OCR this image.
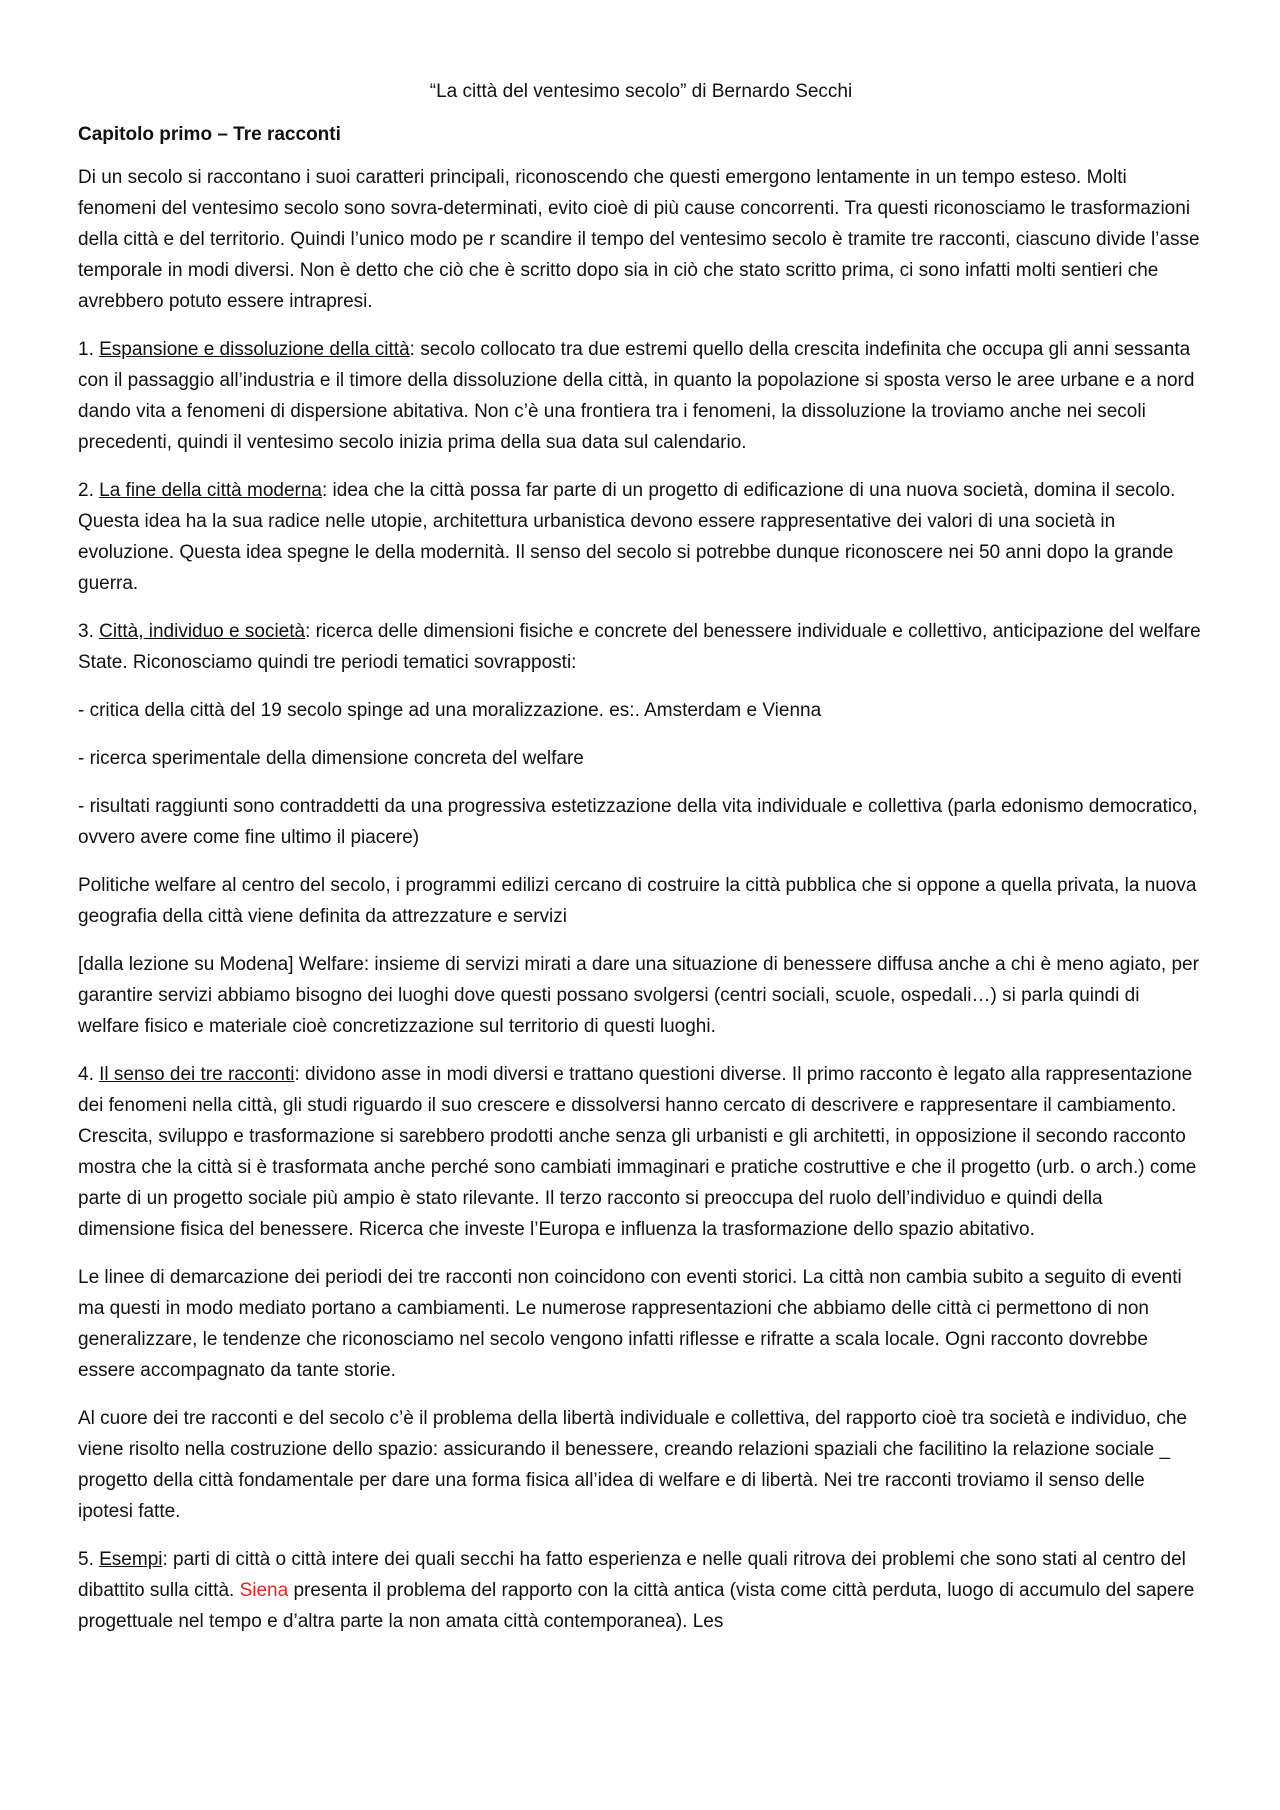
“La città del ventesimo secolo” di Bernardo Secchi
Capitolo primo – Tre racconti

Di un secolo si raccontano i suoi caratteri principali, riconoscendo che questi emergono lentamente in un tempo esteso. Molti fenomeni del ventesimo secolo sono sovra-determinati, evito cioè di più cause concorrenti. Tra questi riconosciamo le trasformazioni della città e del territorio. Quindi l’unico modo pe r scandire il tempo del ventesimo secolo è tramite tre racconti, ciascuno divide l’asse temporale in modi diversi. Non è detto che ciò che è scritto dopo sia in ciò che stato scritto prima, ci sono infatti molti sentieri che avrebbero potuto essere intrapresi.

1. Espansione e dissoluzione della città: secolo collocato tra due estremi quello della crescita indefinita che occupa gli anni sessanta con il passaggio all’industria e il timore della dissoluzione della città, in quanto la popolazione si sposta verso le aree urbane e a nord dando vita a fenomeni di dispersione abitativa. Non c’è una frontiera tra i fenomeni, la dissoluzione la troviamo anche nei secoli precedenti, quindi il ventesimo secolo inizia prima della sua data sul calendario.

2. La fine della città moderna: idea che la città possa far parte di un progetto di edificazione di una nuova società, domina il secolo. Questa idea ha la sua radice nelle utopie, architettura urbanistica devono essere rappresentative dei valori di una società in evoluzione. Questa idea spegne le della modernità. Il senso del secolo si potrebbe dunque riconoscere nei 50 anni dopo la grande guerra.

3. Città, individuo e società: ricerca delle dimensioni fisiche e concrete del benessere individuale e collettivo, anticipazione del welfare State. Riconosciamo quindi tre periodi tematici sovrapposti:

- critica della città del 19 secolo spinge ad una moralizzazione. es:. Amsterdam e Vienna

- ricerca sperimentale della dimensione concreta del welfare

- risultati raggiunti sono contraddetti da una progressiva estetizzazione della vita individuale e collettiva (parla edonismo democratico, ovvero avere come fine ultimo il piacere)

Politiche welfare al centro del secolo, i programmi edilizi cercano di costruire la città pubblica che si oppone a quella privata, la nuova geografia della città viene definita da attrezzature e servizi

[dalla lezione su Modena] Welfare: insieme di servizi mirati a dare una situazione di benessere diffusa anche a chi è meno agiato, per garantire servizi abbiamo bisogno dei luoghi dove questi possano svolgersi (centri sociali, scuole, ospedali…) si parla quindi di welfare fisico e materiale cioè concretizzazione sul territorio di questi luoghi.

4. Il senso dei tre racconti: dividono asse in modi diversi e trattano questioni diverse. Il primo racconto è legato alla rappresentazione dei fenomeni nella città, gli studi riguardo il suo crescere e dissolversi hanno cercato di descrivere e rappresentare il cambiamento. Crescita, sviluppo e trasformazione si sarebbero prodotti anche senza gli urbanisti e gli architetti, in opposizione il secondo racconto mostra che la città si è trasformata anche perché sono cambiati immaginari e pratiche costruttive e che il progetto (urb. o arch.) come parte di un progetto sociale più ampio è stato rilevante. Il terzo racconto si preoccupa del ruolo dell’individuo e quindi della dimensione fisica del benessere. Ricerca che investe l’Europa e influenza la trasformazione dello spazio abitativo.

Le linee di demarcazione dei periodi dei tre racconti non coincidono con eventi storici. La città non cambia subito a seguito di eventi ma questi in modo mediato portano a cambiamenti. Le numerose rappresentazioni che abbiamo delle città ci permettono di non generalizzare, le tendenze che riconosciamo nel secolo vengono infatti riflesse e rifratte a scala locale. Ogni racconto dovrebbe essere accompagnato da tante storie.

Al cuore dei tre racconti e del secolo c’è il problema della libertà individuale e collettiva, del rapporto cioè tra società e individuo, che viene risolto nella costruzione dello spazio: assicurando il benessere, creando relazioni spaziali che facilitino la relazione sociale _ progetto della città fondamentale per dare una forma fisica all’idea di welfare e di libertà. Nei tre racconti troviamo il senso delle ipotesi fatte.

5. Esempi: parti di città o città intere dei quali secchi ha fatto esperienza e nelle quali ritrova dei problemi che sono stati al centro del dibattito sulla città. Siena presenta il problema del rapporto con la città antica (vista come città perduta, luogo di accumulo del sapere progettuale nel tempo e d’altra parte la non amata città contemporanea). Les
